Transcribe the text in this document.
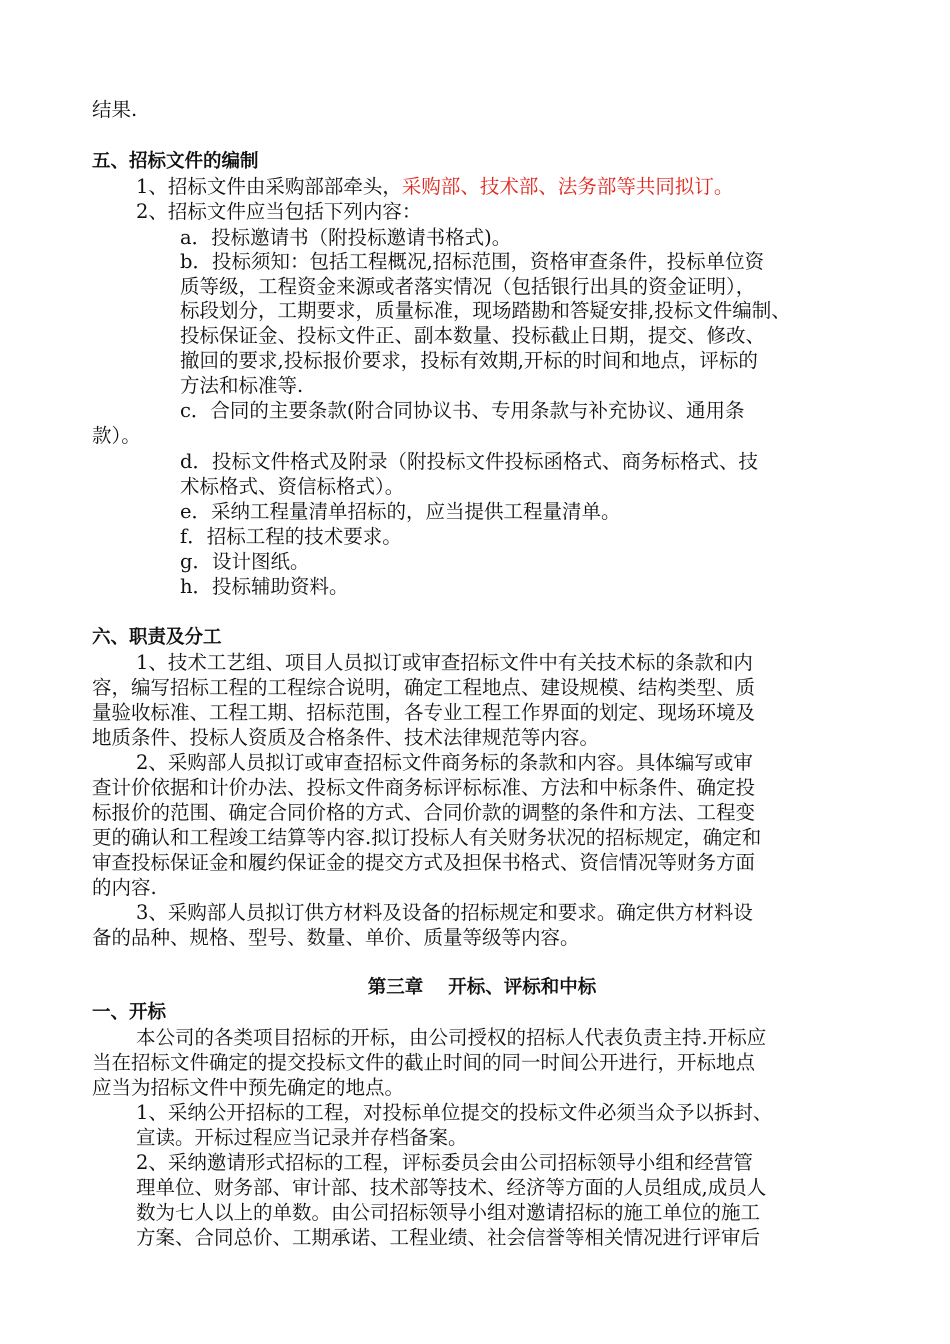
结果.
五、招标文件的编制
1、招标文件由采购部部牵头，采购部、技术部、法务部等共同拟订。
2、招标文件应当包括下列内容：
a．投标邀请书（附投标邀请书格式)。
b．投标须知：包括工程概况,招标范围，资格审查条件，投标单位资
质等级，工程资金来源或者落实情况（包括银行出具的资金证明），
标段划分，工期要求，质量标准，现场踏勘和答疑安排,投标文件编制、
投标保证金、投标文件正、副本数量、投标截止日期，提交、修改、
撤回的要求,投标报价要求，投标有效期,开标的时间和地点，评标的
方法和标准等.
c．合同的主要条款(附合同协议书、专用条款与补充协议、通用条
款）。
d．投标文件格式及附录（附投标文件投标函格式、商务标格式、技
术标格式、资信标格式）。
e．采纳工程量清单招标的，应当提供工程量清单。
f．招标工程的技术要求。
g．设计图纸。
h．投标辅助资料。
六、职责及分工
1、技术工艺组、项目人员拟订或审查招标文件中有关技术标的条款和内
容，编写招标工程的工程综合说明，确定工程地点、建设规模、结构类型、质
量验收标准、工程工期、招标范围，各专业工程工作界面的划定、现场环境及
地质条件、投标人资质及合格条件、技术法律规范等内容。
2、采购部人员拟订或审查招标文件商务标的条款和内容。具体编写或审
查计价依据和计价办法、投标文件商务标评标标准、方法和中标条件、确定投
标报价的范围、确定合同价格的方式、合同价款的调整的条件和方法、工程变
更的确认和工程竣工结算等内容.拟订投标人有关财务状况的招标规定，确定和
审查投标保证金和履约保证金的提交方式及担保书格式、资信情况等财务方面
的内容.
3、采购部人员拟订供方材料及设备的招标规定和要求。确定供方材料设
备的品种、规格、型号、数量、单价、质量等级等内容。
第三章　 开标、评标和中标
一、开标
本公司的各类项目招标的开标，由公司授权的招标人代表负责主持.开标应
当在招标文件确定的提交投标文件的截止时间的同一时间公开进行，开标地点
应当为招标文件中预先确定的地点。
1、采纳公开招标的工程，对投标单位提交的投标文件必须当众予以拆封、
宣读。开标过程应当记录并存档备案。
2、采纳邀请形式招标的工程，评标委员会由公司招标领导小组和经营管
理单位、财务部、审计部、技术部等技术、经济等方面的人员组成,成员人
数为七人以上的单数。由公司招标领导小组对邀请招标的施工单位的施工
方案、合同总价、工期承诺、工程业绩、社会信誉等相关情况进行评审后
